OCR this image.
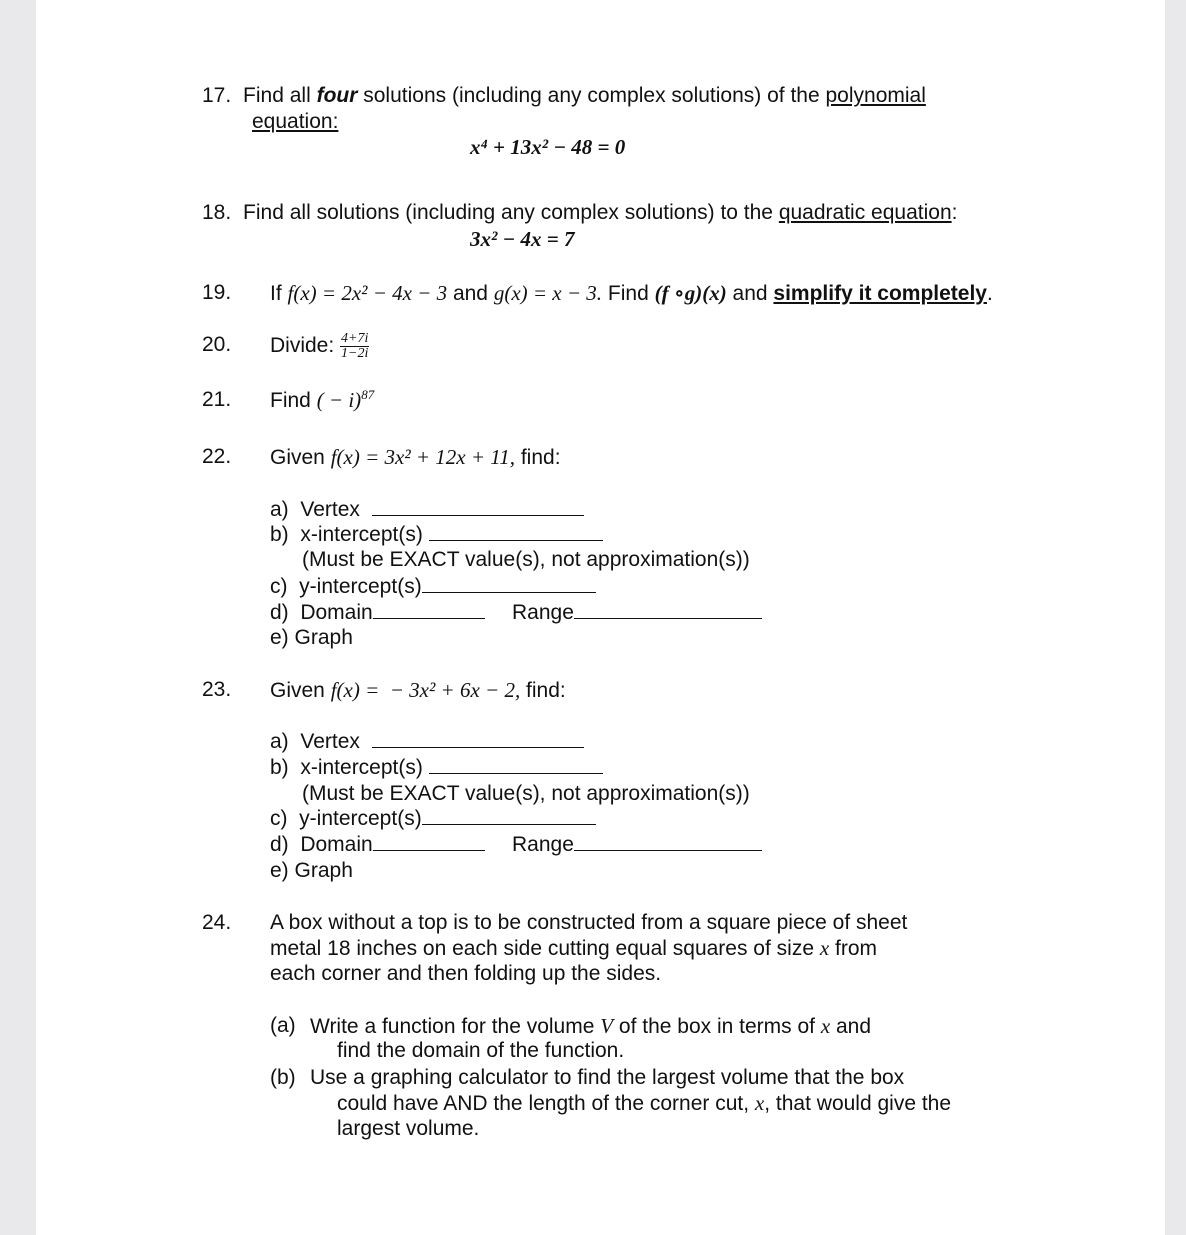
17. Find all four solutions (including any complex solutions) of the polynomial
equation:
x⁴ + 13x² − 48 = 0
18. Find all solutions (including any complex solutions) to the quadratic equation:
3x² − 4x = 7
19. If f(x) = 2x² − 4x − 3 and g(x) = x − 3. Find (f ∘g)(x) and simplify it completely.
20. Divide: $\frac{4+7i}{1-2i}$
21. Find ( − i)$^{87}$
22. Given f(x) = 3x² + 12x + 11, find:
a)  Vertex
b)  x-intercept(s)
(Must be EXACT value(s), not approximation(s))
c)  y-intercept(s)
d)  Domain	Range
e) Graph
23. Given f(x) =  − 3x² + 6x − 2, find:
a)  Vertex
b)  x-intercept(s)
(Must be EXACT value(s), not approximation(s))
c)  y-intercept(s)
d)  Domain	Range
e) Graph
24. A box without a top is to be constructed from a square piece of sheet
metal 18 inches on each side cutting equal squares of size x from
each corner and then folding up the sides.
(a) Write a function for the volume V of the box in terms of x and
find the domain of the function.
(b) Use a graphing calculator to find the largest volume that the box
could have AND the length of the corner cut, x, that would give the
largest volume.
